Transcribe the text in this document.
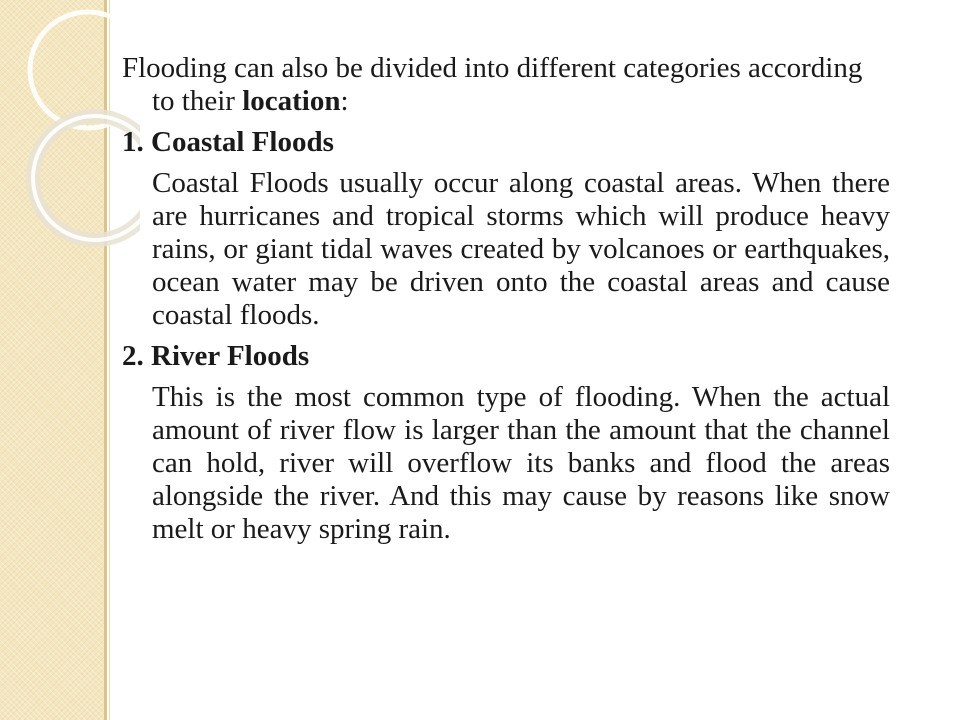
Flooding can also be divided into different categories according to their location:

1. Coastal Floods

Coastal Floods usually occur along coastal areas. When there are hurricanes and tropical storms which will produce heavy rains, or giant tidal waves created by volcanoes or earthquakes, ocean water may be driven onto the coastal areas and cause coastal floods.

2. River Floods

This is the most common type of flooding. When the actual amount of river flow is larger than the amount that the channel can hold, river will overflow its banks and flood the areas alongside the river. And this may cause by reasons like snow melt or heavy spring rain.
